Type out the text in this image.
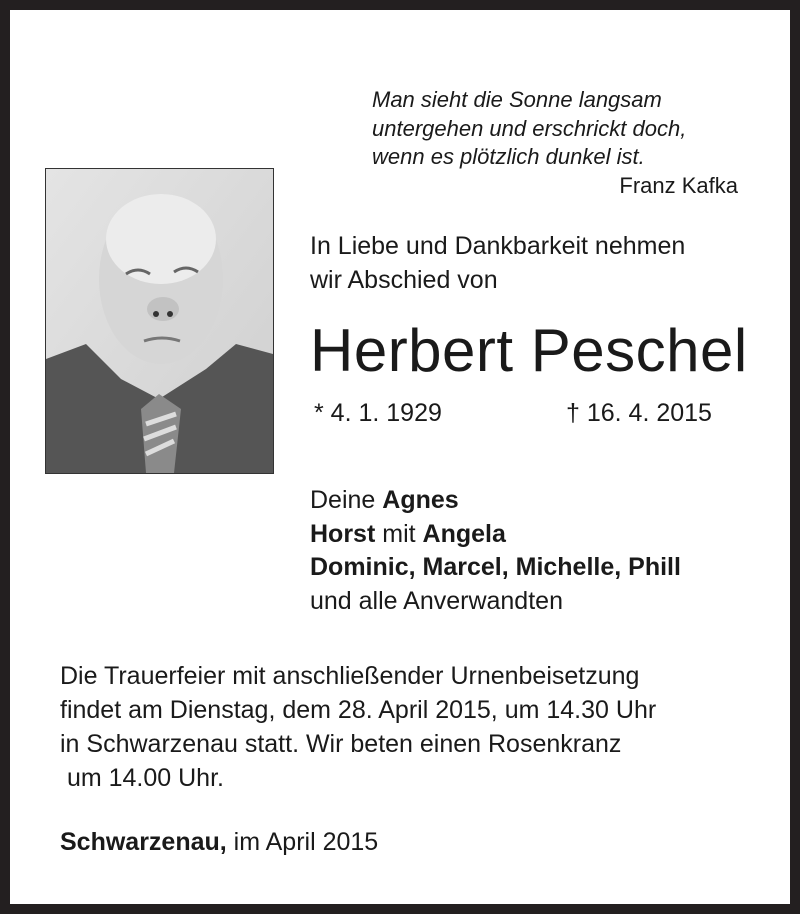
Man sieht die Sonne langsam
untergehen und erschrickt doch,
wenn es plötzlich dunkel ist.
Franz Kafka
In Liebe und Dankbarkeit nehmen
wir Abschied von
Herbert Peschel
* 4. 1. 1929	† 16. 4. 2015
Deine Agnes
Horst mit Angela
Dominic, Marcel, Michelle, Phill
und alle Anverwandten
Die Trauerfeier mit anschließender Urnenbeisetzung
findet am Dienstag, dem 28. April 2015, um 14.30 Uhr
in Schwarzenau statt. Wir beten einen Rosenkranz
um 14.00 Uhr.
Schwarzenau, im April 2015
